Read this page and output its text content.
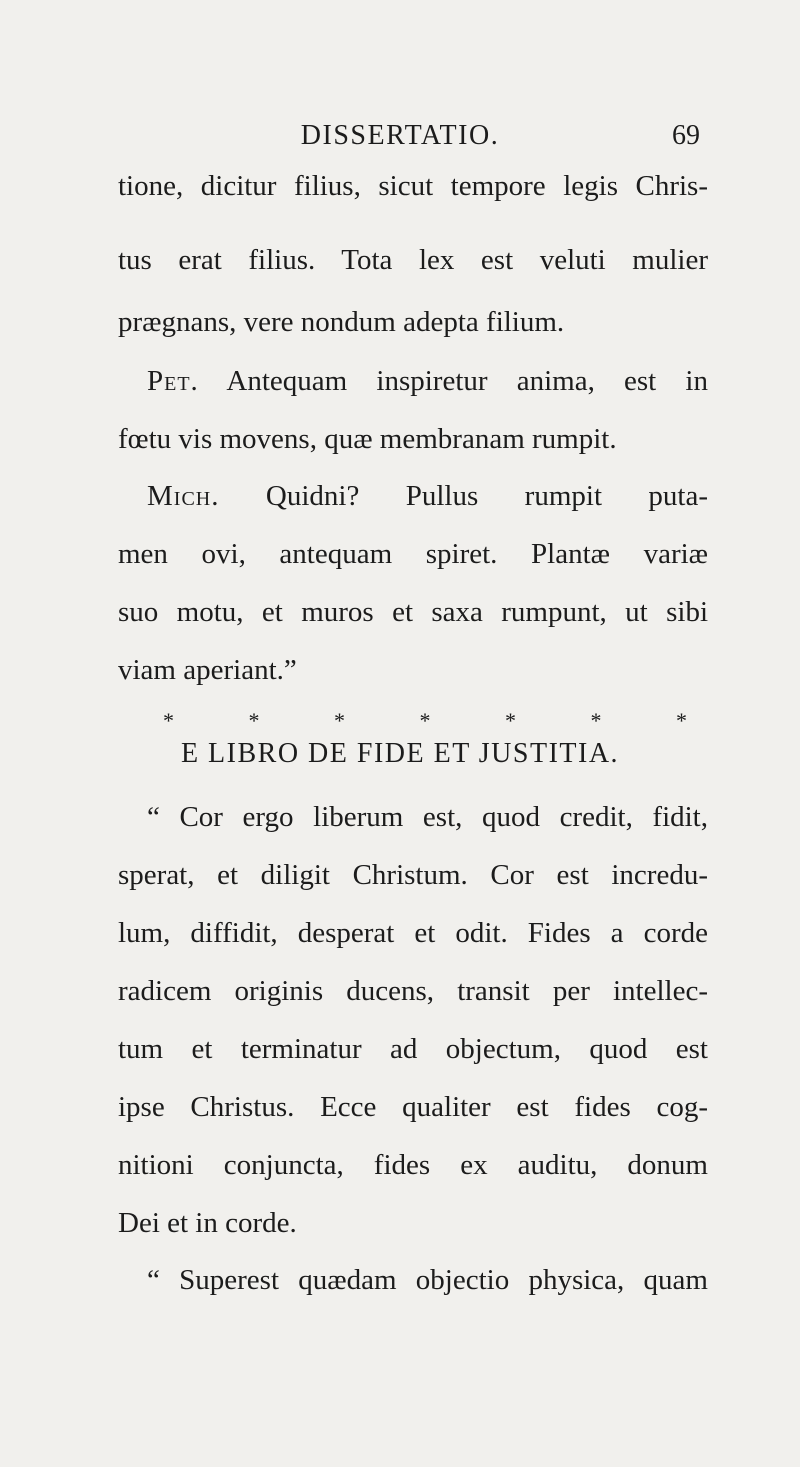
DISSERTATIO.	69
tione, dicitur filius, sicut tempore legis Chris-
tus erat filius. Tota lex est veluti mulier
prægnans, vere nondum adepta filium.
Pet. Antequam inspiretur anima, est in
fœtu vis movens, quæ membranam rumpit.
Mich. Quidni? Pullus rumpit puta-
men ovi, antequam spiret. Plantæ variæ
suo motu, et muros et saxa rumpunt, ut sibi
viam aperiant.”
*	*	*	*	*	*	*
E LIBRO DE FIDE ET JUSTITIA.
“ Cor ergo liberum est, quod credit, fidit,
sperat, et diligit Christum. Cor est incredu-
lum, diffidit, desperat et odit. Fides a corde
radicem originis ducens, transit per intellec-
tum et terminatur ad objectum, quod est
ipse Christus. Ecce qualiter est fides cog-
nitioni conjuncta, fides ex auditu, donum
Dei et in corde.
“ Superest quædam objectio physica, quam
